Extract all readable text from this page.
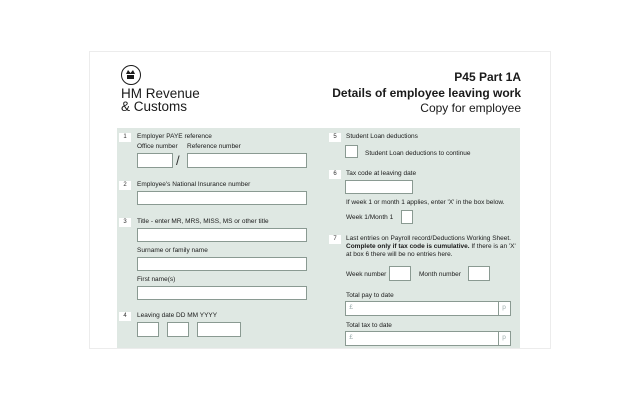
HM Revenue
& Customs
P45 Part 1A
Details of employee leaving work
Copy for employee
1	Employer PAYE reference
Office number Reference number
/
2	Employee's National Insurance number
3	Title - enter MR, MRS, MISS, MS or other title
Surname or family name
First name(s)
4	Leaving date DD MM YYYY
5	Student Loan deductions
Student Loan deductions to continue
6	Tax code at leaving date
If week 1 or month 1 applies, enter 'X' in the box below.
Week 1/Month 1
7	Last entries on Payroll record/Deductions Working Sheet.
Complete only if tax code is cumulative. If there is an 'X'
at box 6 there will be no entries here.
Week number	Month number
Total pay to date
£	p
Total tax to date
£	p
